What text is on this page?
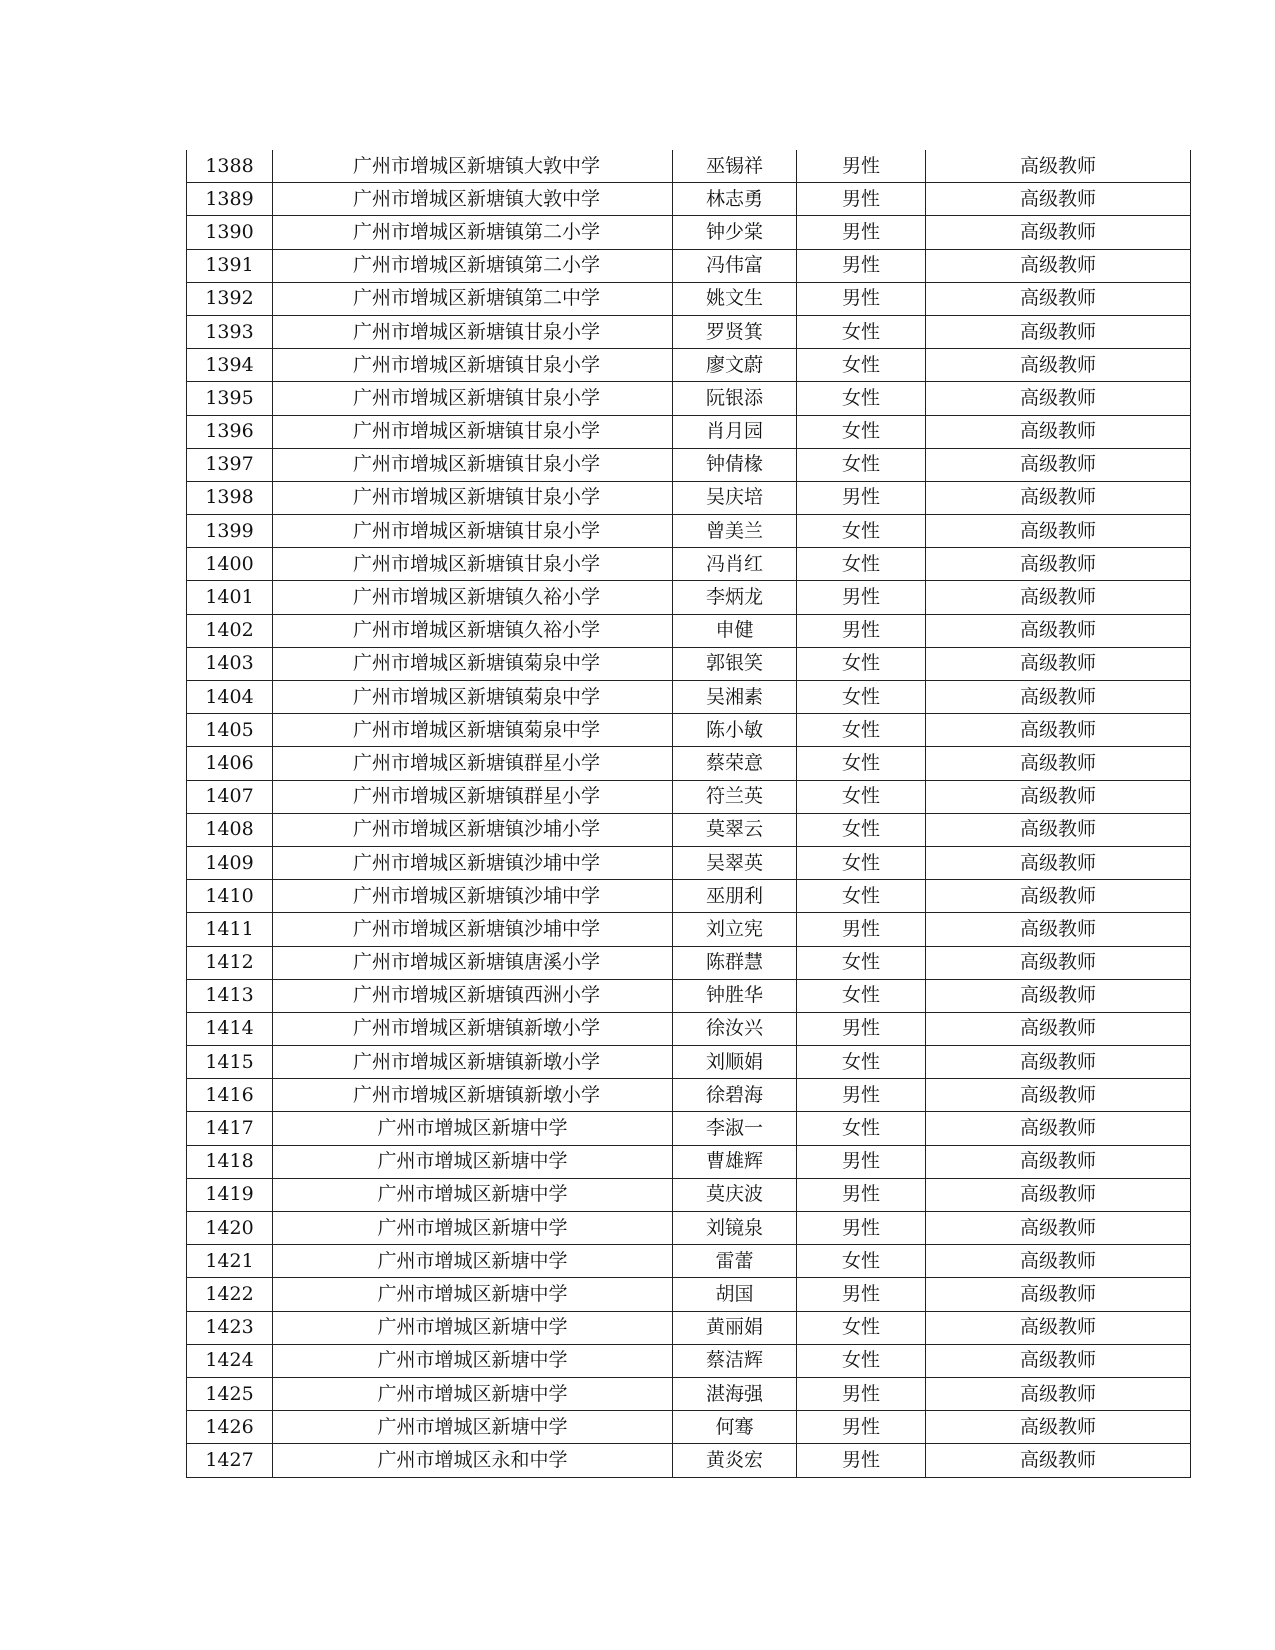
1388	广州市增城区新塘镇大敦中学	巫锡祥	男性	高级教师
1389	广州市增城区新塘镇大敦中学	林志勇	男性	高级教师
1390	广州市增城区新塘镇第二小学	钟少棠	男性	高级教师
1391	广州市增城区新塘镇第二小学	冯伟富	男性	高级教师
1392	广州市增城区新塘镇第二中学	姚文生	男性	高级教师
1393	广州市增城区新塘镇甘泉小学	罗贤箕	女性	高级教师
1394	广州市增城区新塘镇甘泉小学	廖文蔚	女性	高级教师
1395	广州市增城区新塘镇甘泉小学	阮银添	女性	高级教师
1396	广州市增城区新塘镇甘泉小学	肖月园	女性	高级教师
1397	广州市增城区新塘镇甘泉小学	钟倩椽	女性	高级教师
1398	广州市增城区新塘镇甘泉小学	吴庆培	男性	高级教师
1399	广州市增城区新塘镇甘泉小学	曾美兰	女性	高级教师
1400	广州市增城区新塘镇甘泉小学	冯肖红	女性	高级教师
1401	广州市增城区新塘镇久裕小学	李炳龙	男性	高级教师
1402	广州市增城区新塘镇久裕小学	申健	男性	高级教师
1403	广州市增城区新塘镇菊泉中学	郭银笑	女性	高级教师
1404	广州市增城区新塘镇菊泉中学	吴湘素	女性	高级教师
1405	广州市增城区新塘镇菊泉中学	陈小敏	女性	高级教师
1406	广州市增城区新塘镇群星小学	蔡荣意	女性	高级教师
1407	广州市增城区新塘镇群星小学	符兰英	女性	高级教师
1408	广州市增城区新塘镇沙埔小学	莫翠云	女性	高级教师
1409	广州市增城区新塘镇沙埔中学	吴翠英	女性	高级教师
1410	广州市增城区新塘镇沙埔中学	巫朋利	女性	高级教师
1411	广州市增城区新塘镇沙埔中学	刘立宪	男性	高级教师
1412	广州市增城区新塘镇唐溪小学	陈群慧	女性	高级教师
1413	广州市增城区新塘镇西洲小学	钟胜华	女性	高级教师
1414	广州市增城区新塘镇新墩小学	徐汝兴	男性	高级教师
1415	广州市增城区新塘镇新墩小学	刘顺娟	女性	高级教师
1416	广州市增城区新塘镇新墩小学	徐碧海	男性	高级教师
1417	广州市增城区新塘中学	李淑一	女性	高级教师
1418	广州市增城区新塘中学	曹雄辉	男性	高级教师
1419	广州市增城区新塘中学	莫庆波	男性	高级教师
1420	广州市增城区新塘中学	刘镜泉	男性	高级教师
1421	广州市增城区新塘中学	雷蕾	女性	高级教师
1422	广州市增城区新塘中学	胡国	男性	高级教师
1423	广州市增城区新塘中学	黄丽娟	女性	高级教师
1424	广州市增城区新塘中学	蔡洁辉	女性	高级教师
1425	广州市增城区新塘中学	湛海强	男性	高级教师
1426	广州市增城区新塘中学	何骞	男性	高级教师
1427	广州市增城区永和中学	黄炎宏	男性	高级教师
